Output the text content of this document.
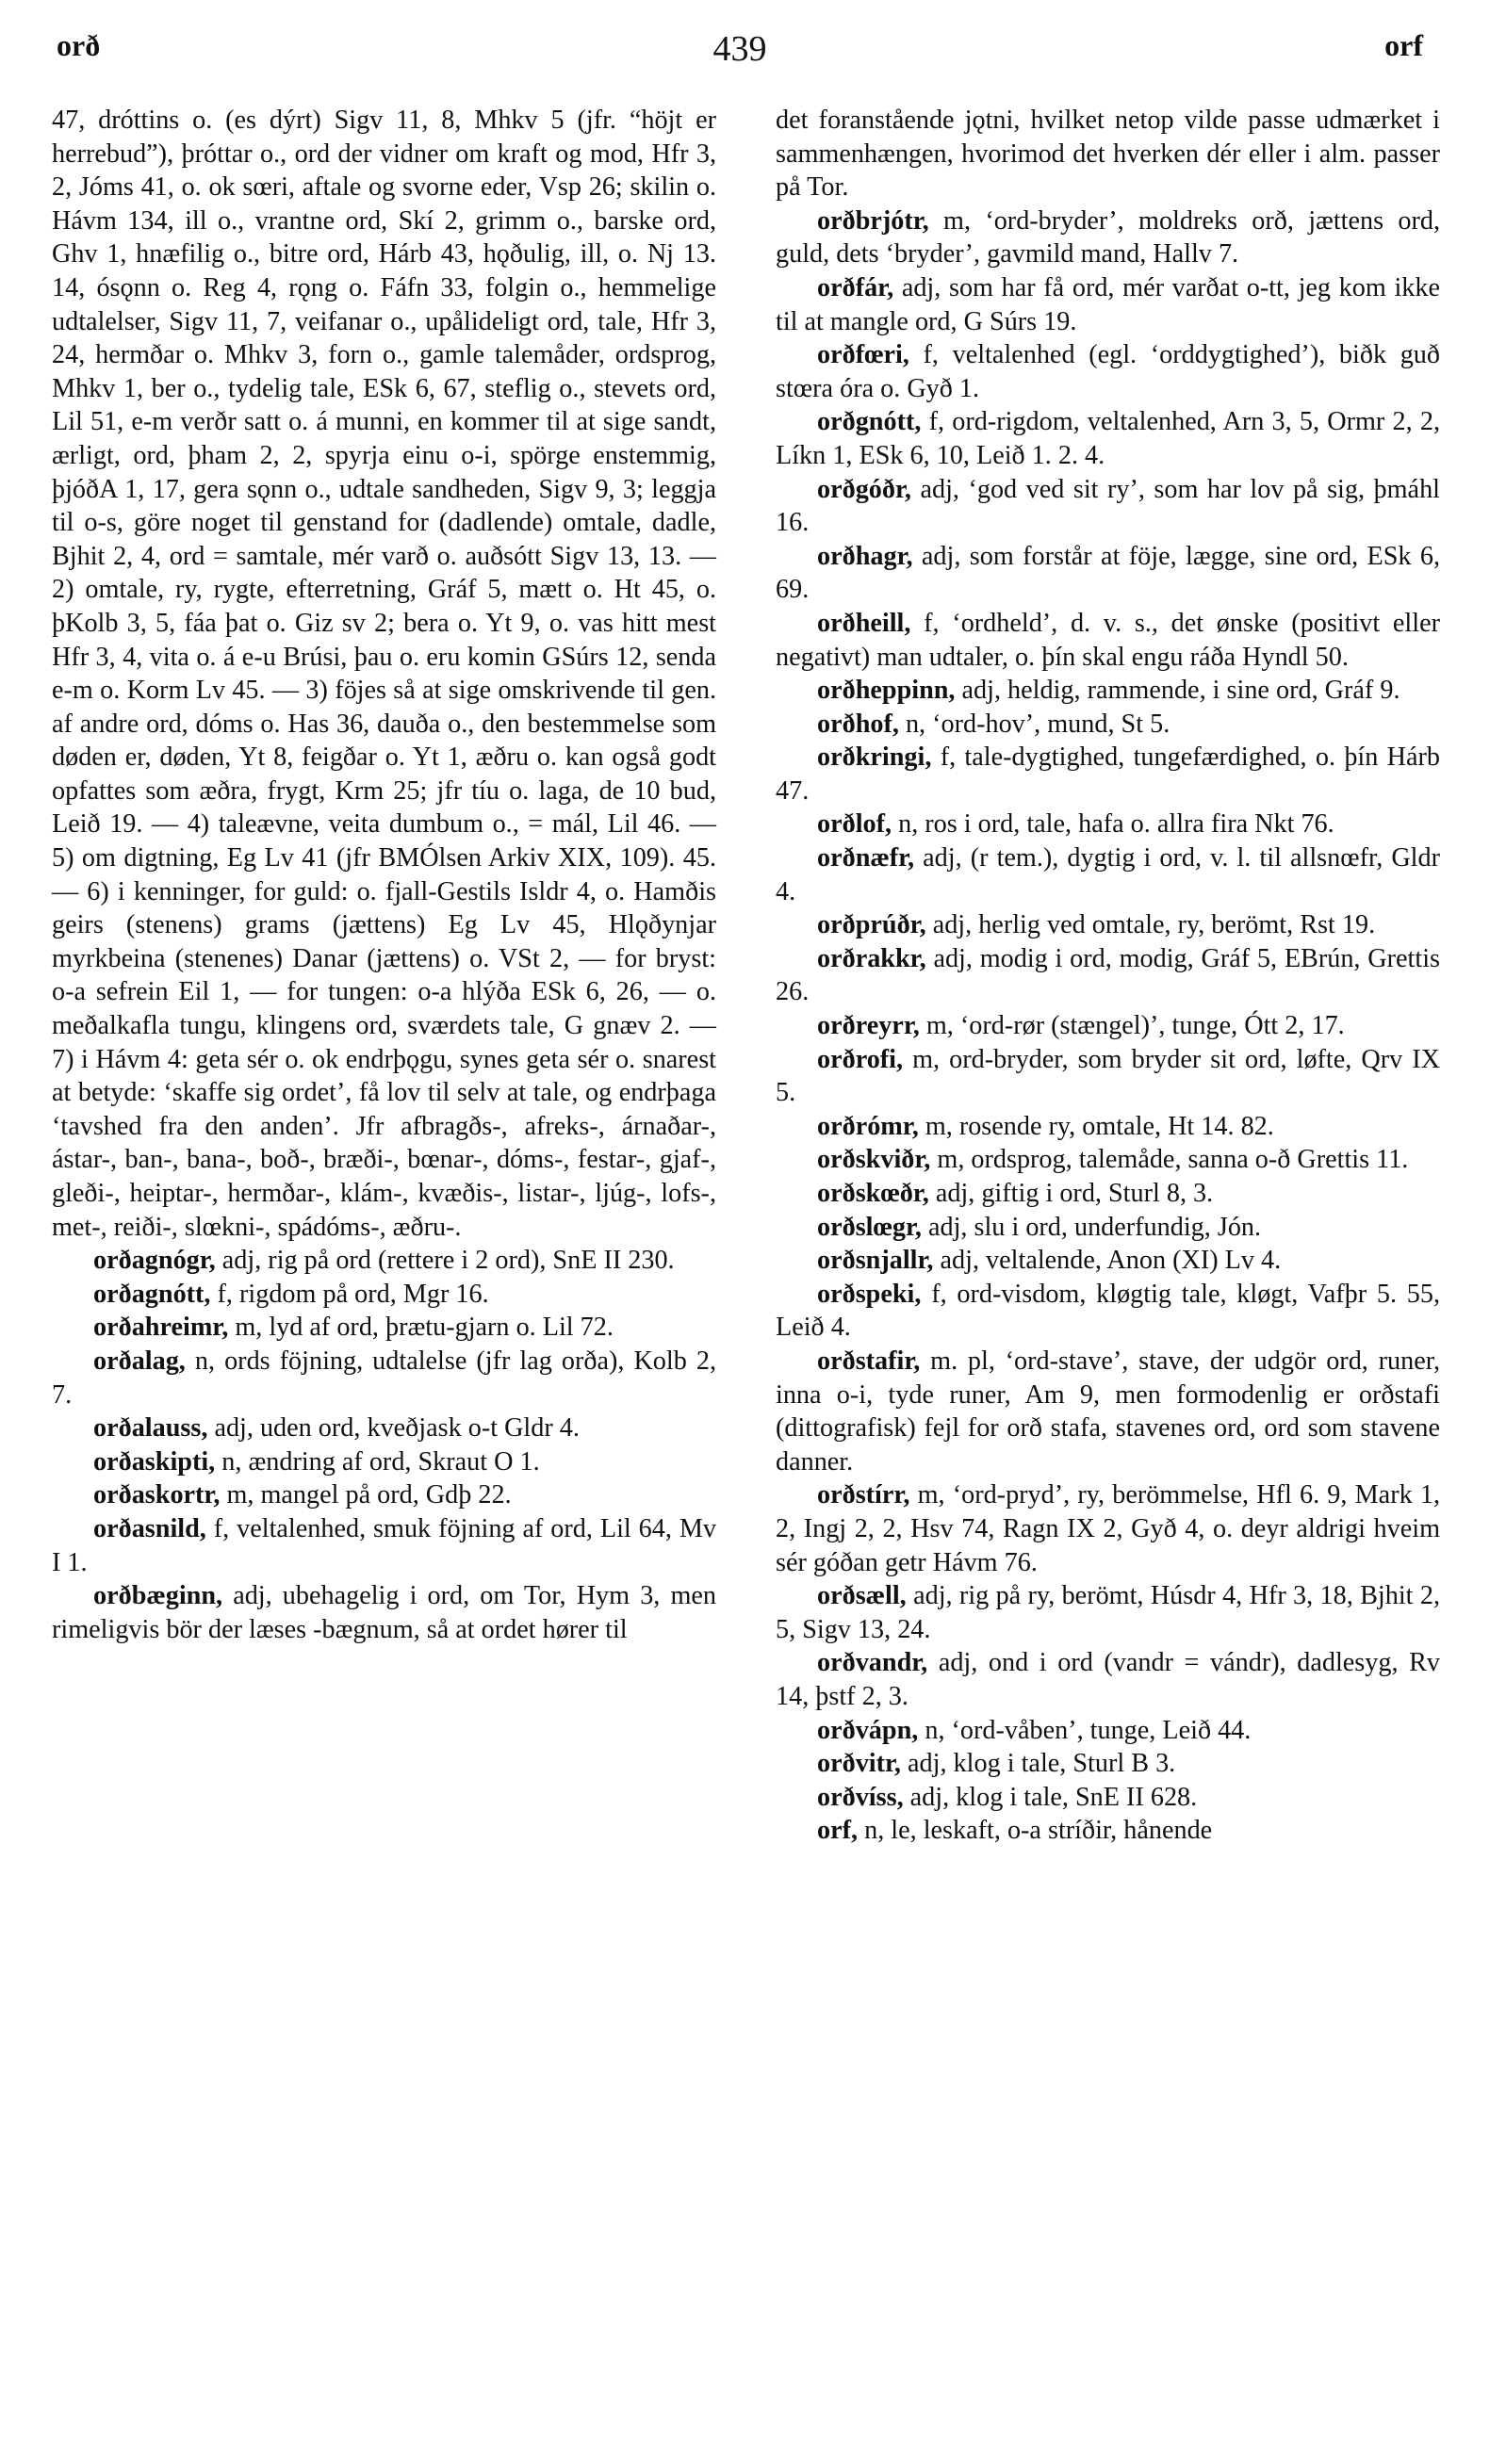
orð	439	orf

47, dróttins o. (es dýrt) Sigv 11, 8, Mhkv 5 (jfr. “höjt er herrebud”), þróttar o., ord der vidner om kraft og mod, Hfr 3, 2, Jóms 41, o. ok sœri, aftale og svorne eder, Vsp 26; skilin o. Hávm 134, ill o., vrantne ord, Skí 2, grimm o., barske ord, Ghv 1, hnæfilig o., bitre ord, Hárb 43, hǫðulig, ill, o. Nj 13. 14, ósǫnn o. Reg 4, rǫng o. Fáfn 33, folgin o., hemmelige udtalelser, Sigv 11, 7, veifanar o., upålideligt ord, tale, Hfr 3, 24, hermðar o. Mhkv 3, forn o., gamle talemåder, ordsprog, Mhkv 1, ber o., tydelig tale, ESk 6, 67, steflig o., stevets ord, Lil 51, e-m verðr satt o. á munni, en kommer til at sige sandt, ærligt, ord, þham 2, 2, spyrja einu o-i, spörge enstemmig, þjóðA 1, 17, gera sǫnn o., udtale sandheden, Sigv 9, 3; leggja til o-s, göre noget til genstand for (dadlende) omtale, dadle, Bjhit 2, 4, ord = samtale, mér varð o. auðsótt Sigv 13, 13. — 2) omtale, ry, rygte, efterretning, Gráf 5, mætt o. Ht 45, o. þKolb 3, 5, fáa þat o. Giz sv 2; bera o. Yt 9, o. vas hitt mest Hfr 3, 4, vita o. á e-u Brúsi, þau o. eru komin GSúrs 12, senda e-m o. Korm Lv 45. — 3) föjes så at sige omskrivende til gen. af andre ord, dóms o. Has 36, dauða o., den bestemmelse som døden er, døden, Yt 8, feigðar o. Yt 1, æðru o. kan også godt opfattes som æðra, frygt, Krm 25; jfr tíu o. laga, de 10 bud, Leið 19. — 4) taleævne, veita dumbum o., = mál, Lil 46. — 5) om digtning, Eg Lv 41 (jfr BMÓlsen Arkiv XIX, 109). 45. — 6) i kenninger, for guld: o. fjall-Gestils Isldr 4, o. Hamðis geirs (stenens) grams (jættens) Eg Lv 45, Hlǫðynjar myrkbeina (stenenes) Danar (jættens) o. VSt 2, — for bryst: o-a sefrein Eil 1, — for tungen: o-a hlýða ESk 6, 26, — o. meðalkafla tungu, klingens ord, sværdets tale, G gnæv 2. — 7) i Hávm 4: geta sér o. ok endrþǫgu, synes geta sér o. snarest at betyde: ‘skaffe sig ordet’, få lov til selv at tale, og endrþaga ‘tavshed fra den anden’. Jfr afbragðs-, afreks-, árnaðar-, ástar-, ban-, bana-, boð-, bræði-, bœnar-, dóms-, festar-, gjaf-, gleði-, heiptar-, hermðar-, klám-, kvæðis-, listar-, ljúg-, lofs-, met-, reiði-, slœkni-, spádóms-, æðru-.

orðagnógr, adj, rig på ord (rettere i 2 ord), SnE II 230.

orðagnótt, f, rigdom på ord, Mgr 16.

orðahreimr, m, lyd af ord, þrætu-gjarn o. Lil 72.

orðalag, n, ords föjning, udtalelse (jfr lag orða), Kolb 2, 7.

orðalauss, adj, uden ord, kveðjask o-t Gldr 4.

orðaskipti, n, ændring af ord, Skraut O 1.

orðaskortr, m, mangel på ord, Gdþ 22.

orðasnild, f, veltalenhed, smuk föjning af ord, Lil 64, Mv I 1.

orðbæginn, adj, ubehagelig i ord, om Tor, Hym 3, men rimeligvis bör der læses -bægnum, så at ordet hører til

det foranstående jǫtni, hvilket netop vilde passe udmærket i sammenhængen, hvorimod det hverken dér eller i alm. passer på Tor.

orðbrjótr, m, ‘ord-bryder’, moldreks orð, jættens ord, guld, dets ‘bryder’, gavmild mand, Hallv 7.

orðfár, adj, som har få ord, mér varðat o-tt, jeg kom ikke til at mangle ord, G Súrs 19.

orðfœri, f, veltalenhed (egl. ‘orddygtighed’), biðk guð stœra óra o. Gyð 1.

orðgnótt, f, ord-rigdom, veltalenhed, Arn 3, 5, Ormr 2, 2, Líkn 1, ESk 6, 10, Leið 1. 2. 4.

orðgóðr, adj, ‘god ved sit ry’, som har lov på sig, þmáhl 16.

orðhagr, adj, som forstår at föje, lægge, sine ord, ESk 6, 69.

orðheill, f, ‘ordheld’, d. v. s., det ønske (positivt eller negativt) man udtaler, o. þín skal engu ráða Hyndl 50.

orðheppinn, adj, heldig, rammende, i sine ord, Gráf 9.

orðhof, n, ‘ord-hov’, mund, St 5.

orðkringi, f, tale-dygtighed, tungefærdighed, o. þín Hárb 47.

orðlof, n, ros i ord, tale, hafa o. allra fira Nkt 76.

orðnæfr, adj, (r tem.), dygtig i ord, v. l. til allsnœfr, Gldr 4.

orðprúðr, adj, herlig ved omtale, ry, berömt, Rst 19.

orðrakkr, adj, modig i ord, modig, Gráf 5, EBrún, Grettis 26.

orðreyrr, m, ‘ord-rør (stængel)’, tunge, Ótt 2, 17.

orðrofi, m, ord-bryder, som bryder sit ord, løfte, Qrv IX 5.

orðrómr, m, rosende ry, omtale, Ht 14. 82.

orðskviðr, m, ordsprog, talemåde, sanna o-ð Grettis 11.

orðskœðr, adj, giftig i ord, Sturl 8, 3.

orðslœgr, adj, slu i ord, underfundig, Jón.

orðsnjallr, adj, veltalende, Anon (XI) Lv 4.

orðspeki, f, ord-visdom, kløgtig tale, kløgt, Vafþr 5. 55, Leið 4.

orðstafir, m. pl, ‘ord-stave’, stave, der udgör ord, runer, inna o-i, tyde runer, Am 9, men formodenlig er orðstafi (dittografisk) fejl for orð stafa, stavenes ord, ord som stavene danner.

orðstírr, m, ‘ord-pryd’, ry, berömmelse, Hfl 6. 9, Mark 1, 2, Ingj 2, 2, Hsv 74, Ragn IX 2, Gyð 4, o. deyr aldrigi hveim sér góðan getr Hávm 76.

orðsæll, adj, rig på ry, berömt, Húsdr 4, Hfr 3, 18, Bjhit 2, 5, Sigv 13, 24.

orðvandr, adj, ond i ord (vandr = vándr), dadlesyg, Rv 14, þstf 2, 3.

orðvápn, n, ‘ord-våben’, tunge, Leið 44.

orðvitr, adj, klog i tale, Sturl B 3.

orðvíss, adj, klog i tale, SnE II 628.

orf, n, le, leskaft, o-a stríðir, hånende
